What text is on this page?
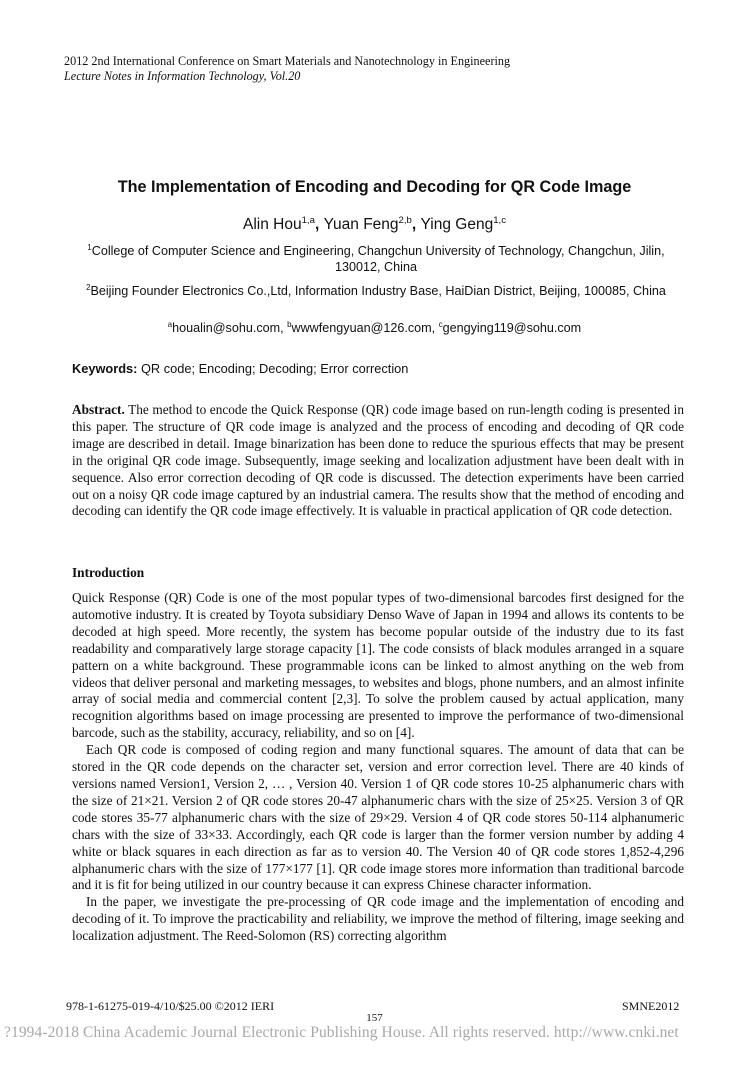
2012 2nd International Conference on Smart Materials and Nanotechnology in Engineering
Lecture Notes in Information Technology, Vol.20
The Implementation of Encoding and Decoding for QR Code Image
Alin Hou$^{1,a}$, Yuan Feng$^{2,b}$, Ying Geng$^{1,c}$
$^1$College of Computer Science and Engineering, Changchun University of Technology, Changchun, Jilin, 130012, China
$^2$Beijing Founder Electronics Co.,Ltd, Information Industry Base, HaiDian District, Beijing, 100085, China
$^a$houalin@sohu.com, $^b$wwwfengyuan@126.com, $^c$gengying119@sohu.com
Keywords: QR code; Encoding; Decoding; Error correction
Abstract. The method to encode the Quick Response (QR) code image based on run-length coding is presented in this paper. The structure of QR code image is analyzed and the process of encoding and decoding of QR code image are described in detail. Image binarization has been done to reduce the spurious effects that may be present in the original QR code image. Subsequently, image seeking and localization adjustment have been dealt with in sequence. Also error correction decoding of QR code is discussed. The detection experiments have been carried out on a noisy QR code image captured by an industrial camera. The results show that the method of encoding and decoding can identify the QR code image effectively. It is valuable in practical application of QR code detection.
Introduction
Quick Response (QR) Code is one of the most popular types of two-dimensional barcodes first designed for the automotive industry. It is created by Toyota subsidiary Denso Wave of Japan in 1994 and allows its contents to be decoded at high speed. More recently, the system has become popular outside of the industry due to its fast readability and comparatively large storage capacity [1]. The code consists of black modules arranged in a square pattern on a white background. These programmable icons can be linked to almost anything on the web from videos that deliver personal and marketing messages, to websites and blogs, phone numbers, and an almost infinite array of social media and commercial content [2,3]. To solve the problem caused by actual application, many recognition algorithms based on image processing are presented to improve the performance of two-dimensional barcode, such as the stability, accuracy, reliability, and so on [4].
Each QR code is composed of coding region and many functional squares. The amount of data that can be stored in the QR code depends on the character set, version and error correction level. There are 40 kinds of versions named Version1, Version 2, … , Version 40. Version 1 of QR code stores 10-25 alphanumeric chars with the size of 21×21. Version 2 of QR code stores 20-47 alphanumeric chars with the size of 25×25. Version 3 of QR code stores 35-77 alphanumeric chars with the size of 29×29. Version 4 of QR code stores 50-114 alphanumeric chars with the size of 33×33. Accordingly, each QR code is larger than the former version number by adding 4 white or black squares in each direction as far as to version 40. The Version 40 of QR code stores 1,852-4,296 alphanumeric chars with the size of 177×177 [1]. QR code image stores more information than traditional barcode and it is fit for being utilized in our country because it can express Chinese character information.
In the paper, we investigate the pre-processing of QR code image and the implementation of encoding and decoding of it. To improve the practicability and reliability, we improve the method of filtering, image seeking and localization adjustment. The Reed-Solomon (RS) correcting algorithm
978-1-61275-019-4/10/$25.00 ©2012 IERI	SMNE2012
157
?1994-2018 China Academic Journal Electronic Publishing House. All rights reserved. http://www.cnki.net
